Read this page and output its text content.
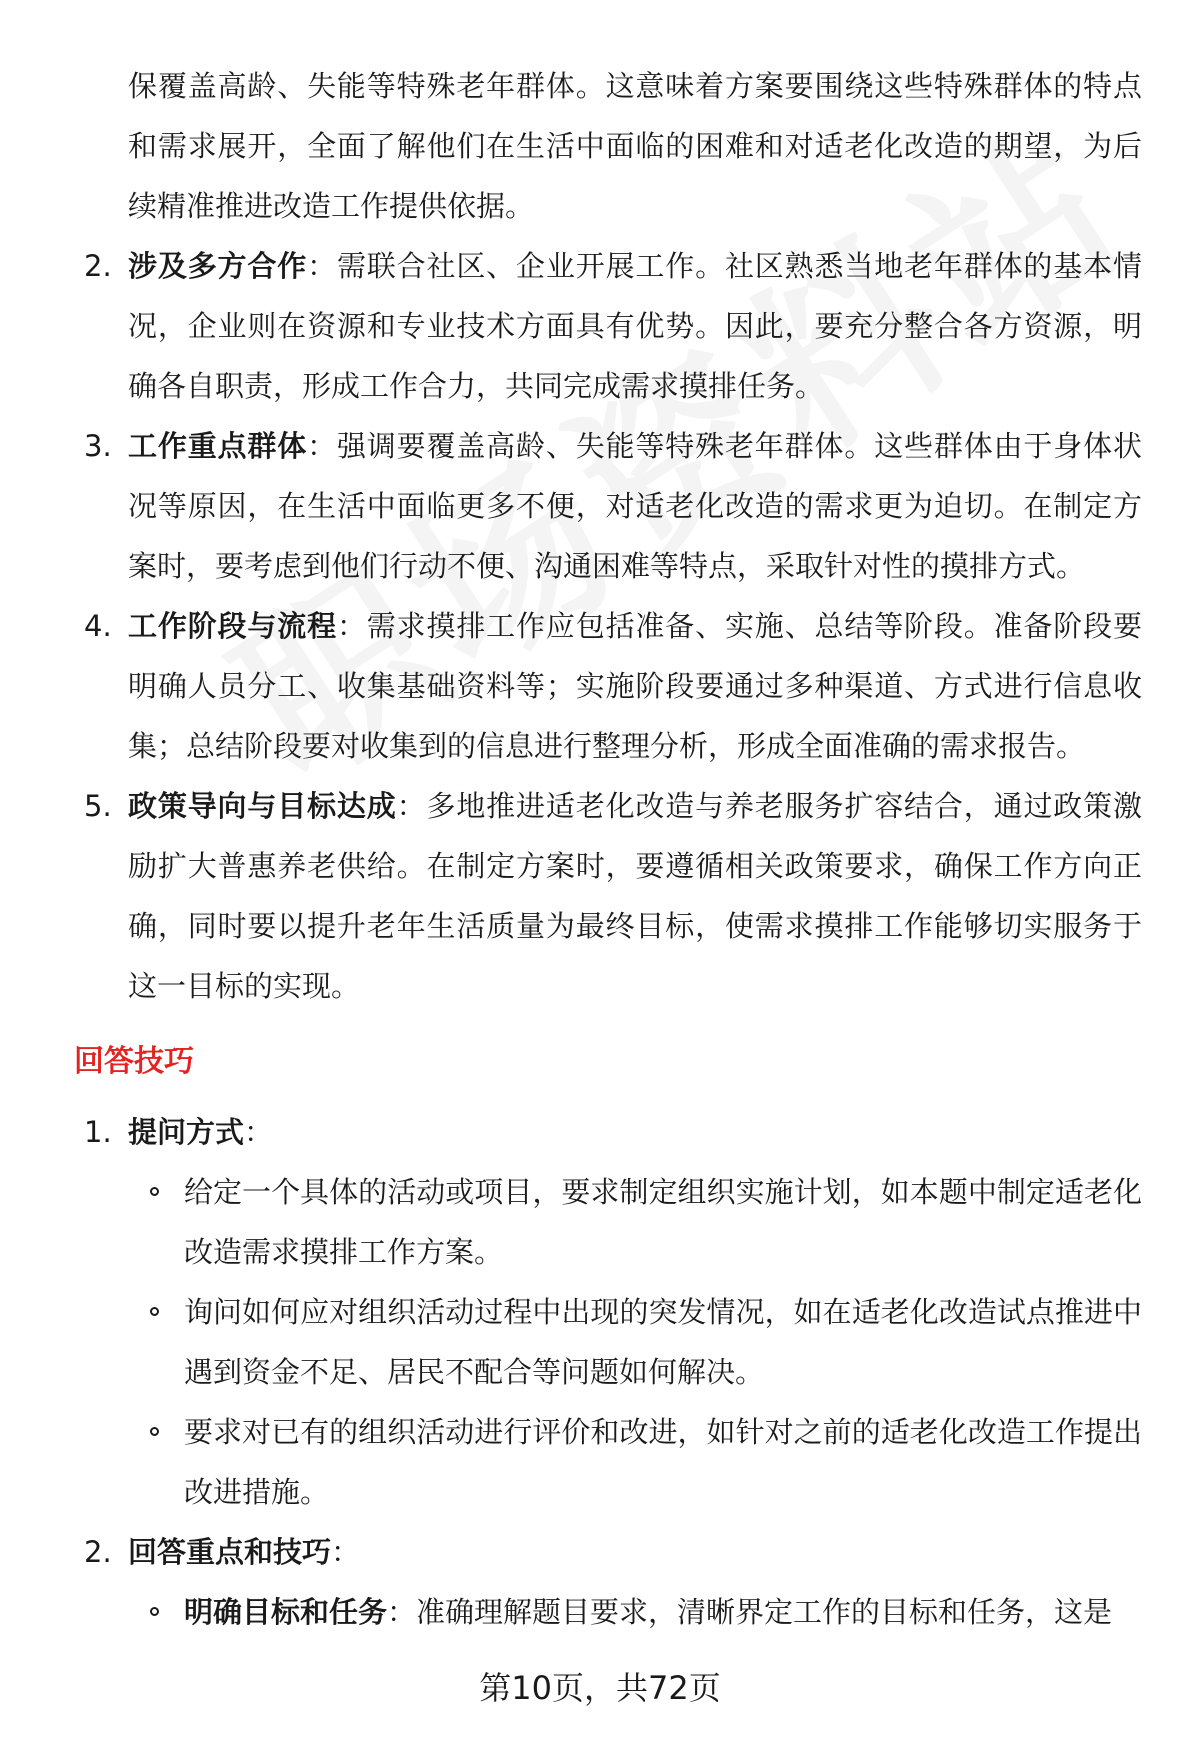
保覆盖高龄、失能等特殊老年群体。这意味着方案要围绕这些特殊群体的特点和需求展开，全面了解他们在生活中面临的困难和对适老化改造的期望，为后续精准推进改造工作提供依据。
2. 涉及多方合作：需联合社区、企业开展工作。社区熟悉当地老年群体的基本情况，企业则在资源和专业技术方面具有优势。因此，要充分整合各方资源，明确各自职责，形成工作合力，共同完成需求摸排任务。
3. 工作重点群体：强调要覆盖高龄、失能等特殊老年群体。这些群体由于身体状况等原因，在生活中面临更多不便，对适老化改造的需求更为迫切。在制定方案时，要考虑到他们行动不便、沟通困难等特点，采取针对性的摸排方式。
4. 工作阶段与流程：需求摸排工作应包括准备、实施、总结等阶段。准备阶段要明确人员分工、收集基础资料等；实施阶段要通过多种渠道、方式进行信息收集；总结阶段要对收集到的信息进行整理分析，形成全面准确的需求报告。
5. 政策导向与目标达成：多地推进适老化改造与养老服务扩容结合，通过政策激励扩大普惠养老供给。在制定方案时，要遵循相关政策要求，确保工作方向正确，同时要以提升老年生活质量为最终目标，使需求摸排工作能够切实服务于这一目标的实现。
回答技巧
1. 提问方式：
给定一个具体的活动或项目，要求制定组织实施计划，如本题中制定适老化改造需求摸排工作方案。
询问如何应对组织活动过程中出现的突发情况，如在适老化改造试点推进中遇到资金不足、居民不配合等问题如何解决。
要求对已有的组织活动进行评价和改进，如针对之前的适老化改造工作提出改进措施。
2. 回答重点和技巧：
明确目标和任务：准确理解题目要求，清晰界定工作的目标和任务，这是
第10页，共72页
